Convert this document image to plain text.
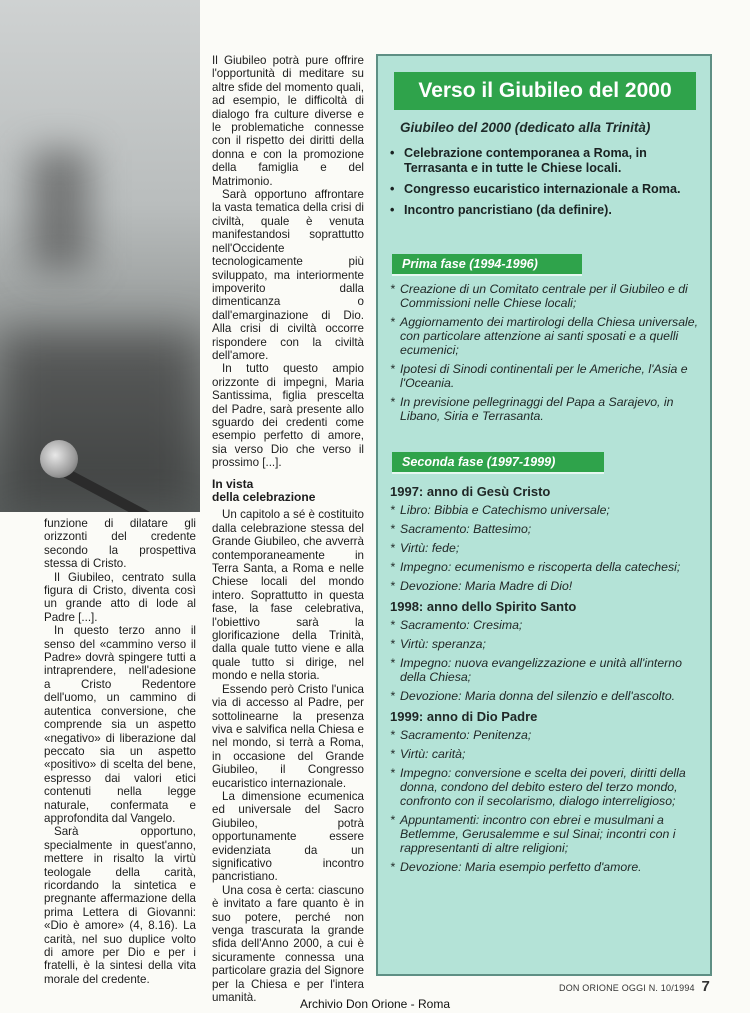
funzione di dilatare gli orizzonti del credente secondo la prospettiva stessa di Cristo.

Il Giubileo, centrato sulla figura di Cristo, diventa così un grande atto di lode al Padre [...].

In questo terzo anno il senso del «cammino verso il Padre» dovrà spingere tutti a intraprendere, nell'adesione a Cristo Redentore dell'uomo, un cammino di autentica conversione, che comprende sia un aspetto «negativo» di liberazione dal peccato sia un aspetto «positivo» di scelta del bene, espresso dai valori etici contenuti nella legge naturale, confermata e approfondita dal Vangelo.

Sarà opportuno, specialmente in quest'anno, mettere in risalto la virtù teologale della carità, ricordando la sintetica e pregnante affermazione della prima Lettera di Giovanni: «Dio è amore» (4, 8.16). La carità, nel suo duplice volto di amore per Dio e per i fratelli, è la sintesi della vita morale del credente.

Il Giubileo potrà pure offrire l'opportunità di meditare su altre sfide del momento quali, ad esempio, le difficoltà di dialogo fra culture diverse e le problematiche connesse con il rispetto dei diritti della donna e con la promozione della famiglia e del Matrimonio.

Sarà opportuno affrontare la vasta tematica della crisi di civiltà, quale è venuta manifestandosi soprattutto nell'Occidente tecnologicamente più sviluppato, ma interiormente impoverito dalla dimenticanza o dall'emarginazione di Dio. Alla crisi di civiltà occorre rispondere con la civiltà dell'amore.

In tutto questo ampio orizzonte di impegni, Maria Santissima, figlia prescelta del Padre, sarà presente allo sguardo dei credenti come esempio perfetto di amore, sia verso Dio che verso il prossimo [...].

In vista
della celebrazione

Un capitolo a sé è costituito dalla celebrazione stessa del Grande Giubileo, che avverrà contemporaneamente in Terra Santa, a Roma e nelle Chiese locali del mondo intero. Soprattutto in questa fase, la fase celebrativa, l'obiettivo sarà la glorificazione della Trinità, dalla quale tutto viene e alla quale tutto si dirige, nel mondo e nella storia.

Essendo però Cristo l'unica via di accesso al Padre, per sottolinearne la presenza viva e salvifica nella Chiesa e nel mondo, si terrà a Roma, in occasione del Grande Giubileo, il Congresso eucaristico internazionale.

La dimensione ecumenica ed universale del Sacro Giubileo, potrà opportunamente essere evidenziata da un significativo incontro pancristiano.

Una cosa è certa: ciascuno è invitato a fare quanto è in suo potere, perché non venga trascurata la grande sfida dell'Anno 2000, a cui è sicuramente connessa una particolare grazia del Signore per la Chiesa e per l'intera umanità.

Verso il Giubileo del 2000
Giubileo del 2000 (dedicato alla Trinità)
• Celebrazione contemporanea a Roma, in Terrasanta e in tutte le Chiese locali.
• Congresso eucaristico internazionale a Roma.
• Incontro pancristiano (da definire).
Prima fase (1994-1996)
* Creazione di un Comitato centrale per il Giubileo e di Commissioni nelle Chiese locali;
* Aggiornamento dei martirologi della Chiesa universale, con particolare attenzione ai santi sposati e a quelli ecumenici;
* Ipotesi di Sinodi continentali per le Americhe, l'Asia e l'Oceania.
* In previsione pellegrinaggi del Papa a Sarajevo, in Libano, Siria e Terrasanta.
Seconda fase (1997-1999)
1997: anno di Gesù Cristo
* Libro: Bibbia e Catechismo universale;
* Sacramento: Battesimo;
* Virtù: fede;
* Impegno: ecumenismo e riscoperta della catechesi;
* Devozione: Maria Madre di Dio!
1998: anno dello Spirito Santo
* Sacramento: Cresima;
* Virtù: speranza;
* Impegno: nuova evangelizzazione e unità all'interno della Chiesa;
* Devozione: Maria donna del silenzio e dell'ascolto.
1999: anno di Dio Padre
* Sacramento: Penitenza;
* Virtù: carità;
* Impegno: conversione e scelta dei poveri, diritti della donna, condono del debito estero del terzo mondo, confronto con il secolarismo, dialogo interreligioso;
* Appuntamenti: incontro con ebrei e musulmani a Betlemme, Gerusalemme e sul Sinai; incontri con i rappresentanti di altre religioni;
* Devozione: Maria esempio perfetto d'amore.
DON ORIONE OGGI N. 10/1994 7
Archivio Don Orione - Roma
